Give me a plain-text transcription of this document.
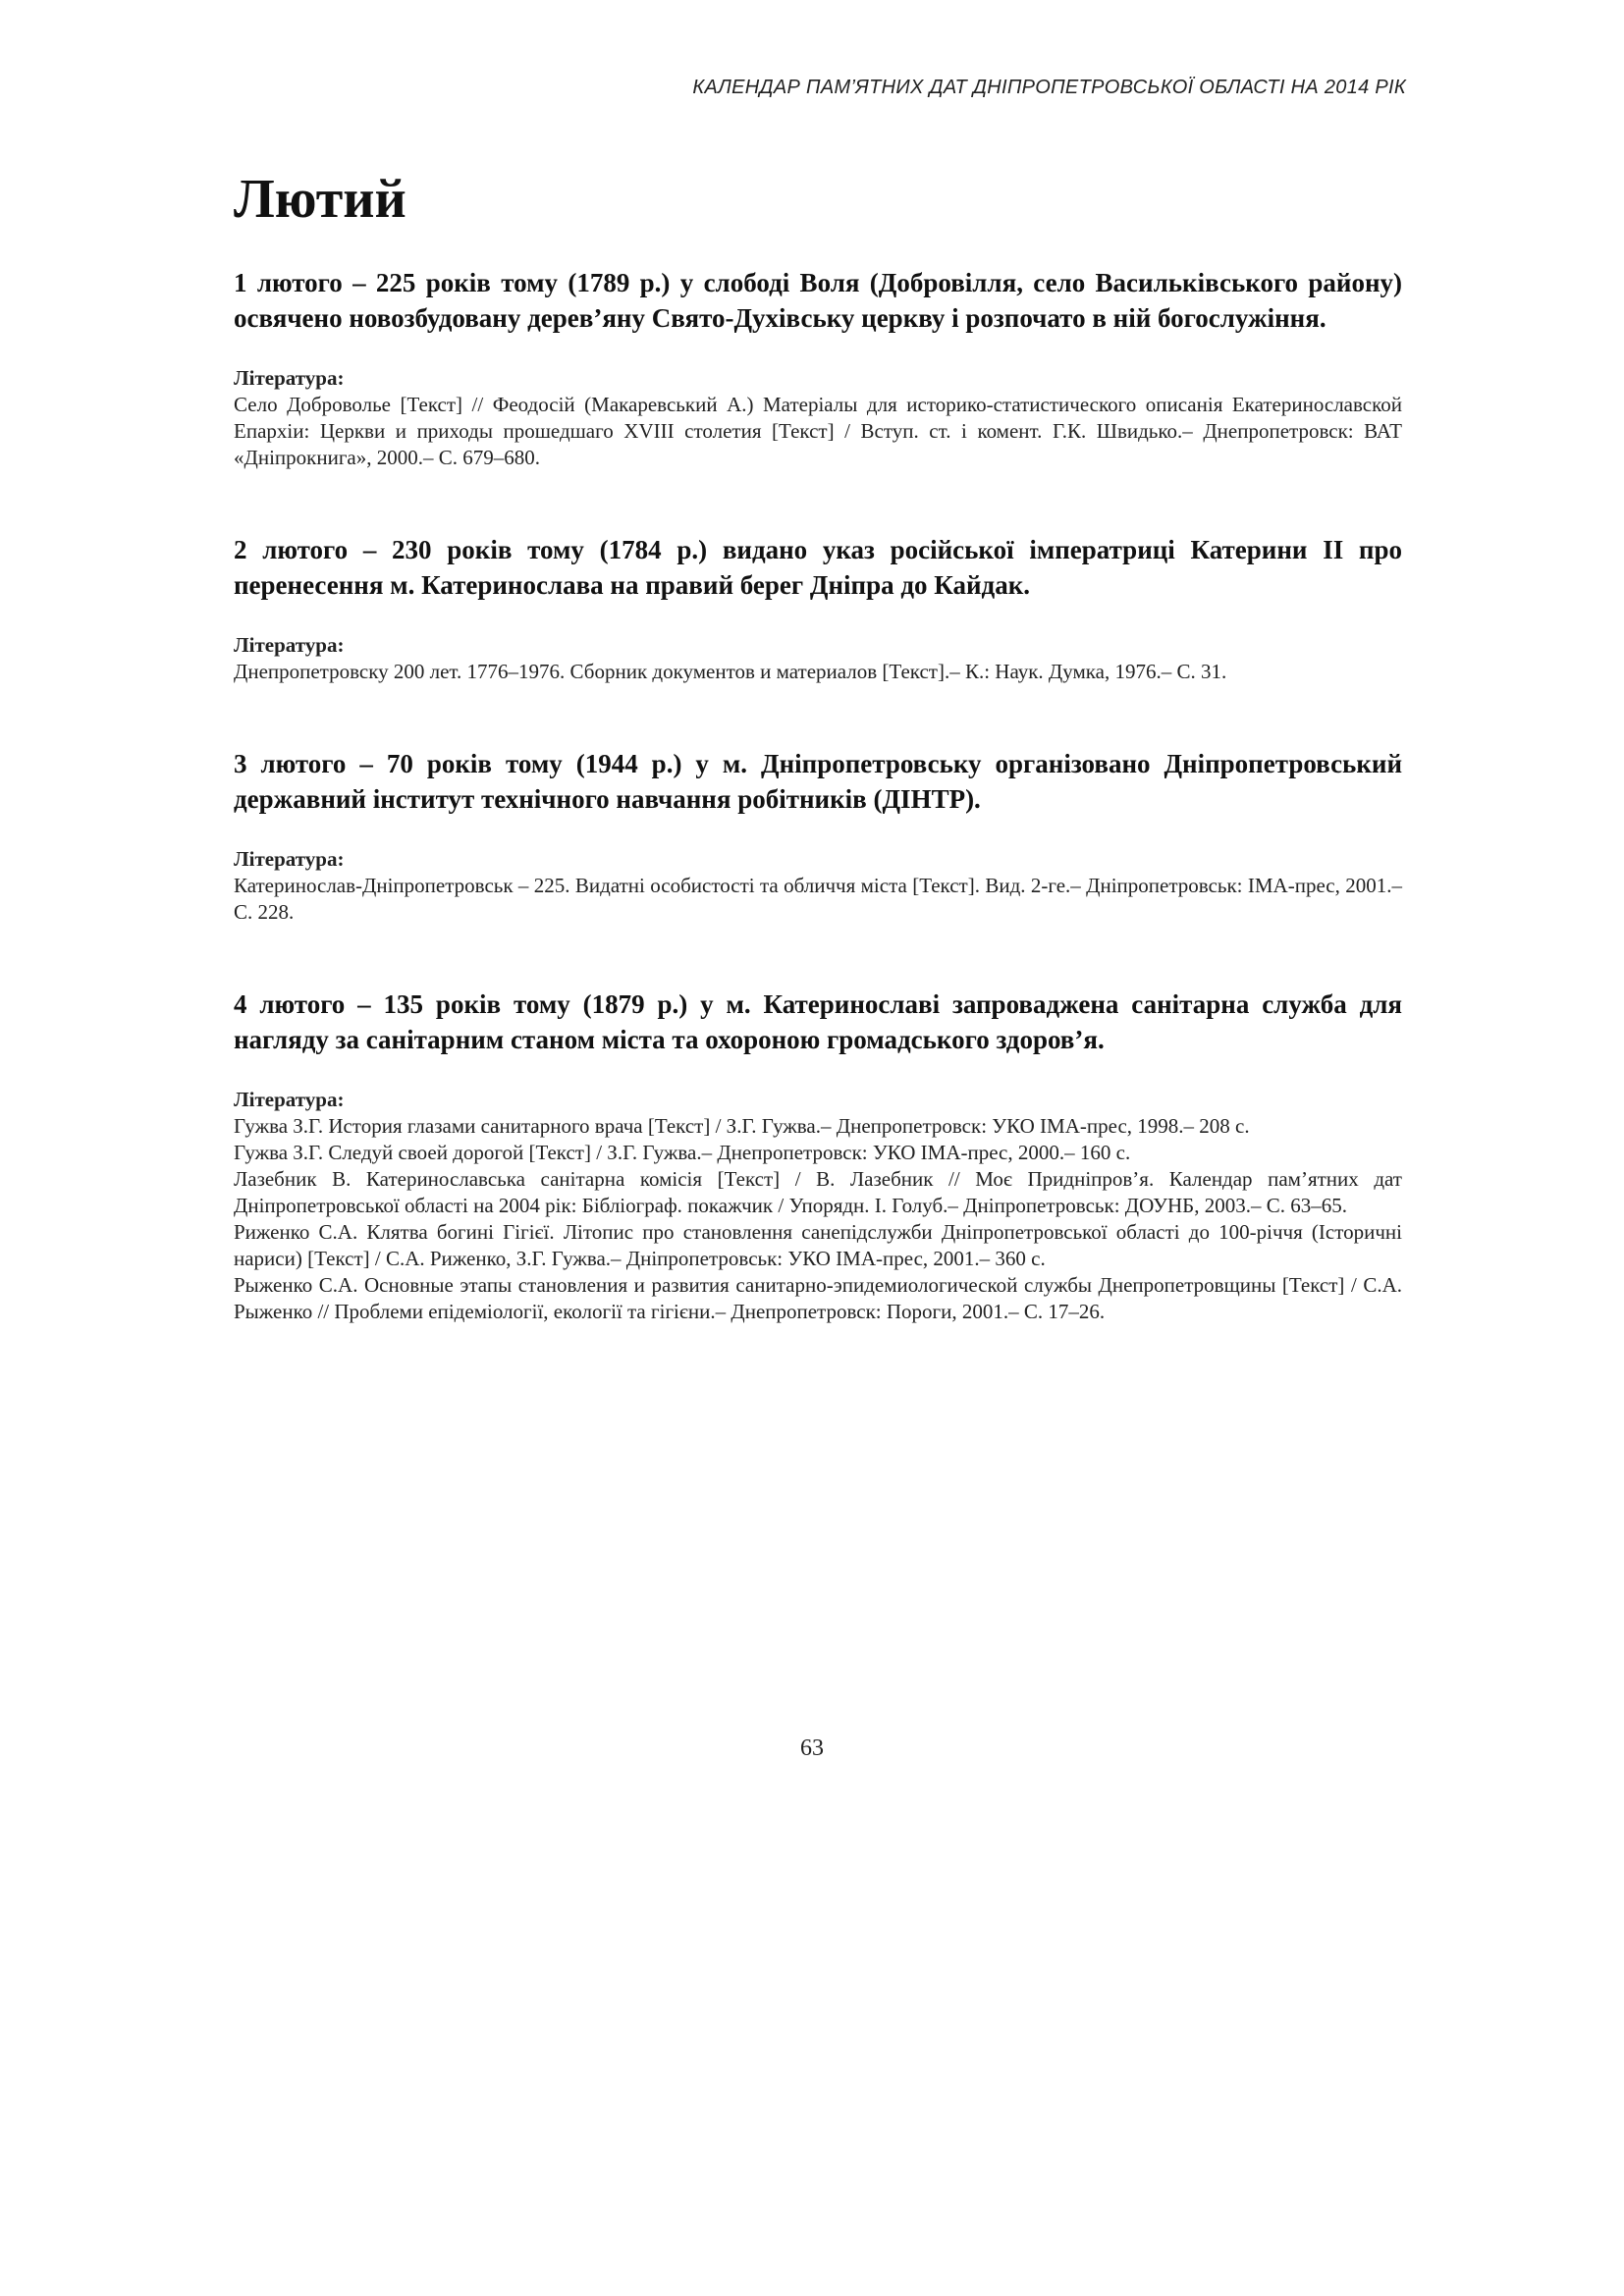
КАЛЕНДАР ПАМ’ЯТНИХ ДАТ ДНІПРОПЕТРОВСЬКОЇ ОБЛАСТІ НА 2014 РІК
Лютий

1 лютого – 225 років тому (1789 р.) у слободі Воля (Добровілля, село Васильківського району) освячено новозбудовану дерев’яну Свято-Духівську церкву і розпочато в ній богослужіння.

Література:

Село Доброволье [Текст] // Феодосій (Макаревський А.) Матеріалы для историко-статистического описанія Екатеринославской Епархіи: Церкви и приходы прошедшаго XVIII столетия [Текст] / Вступ. ст. і комент. Г.К. Швидько.– Днепропетровск: ВАТ «Дніпрокнига», 2000.– С. 679–680.

2 лютого – 230 років тому (1784 р.) видано указ російської імператриці Катерини II про перенесення м. Катеринослава на правий берег Дніпра до Кайдак.

Література:

Днепропетровску 200 лет. 1776–1976. Сборник документов и материалов [Текст].– К.: Наук. Думка, 1976.– С. 31.

3 лютого – 70 років тому (1944 р.) у м. Дніпропетровську організовано Дніпропетровський державний інститут технічного навчання робітників (ДІНТР).

Література:

Катеринослав-Дніпропетровськ – 225. Видатні особистості та обличчя міста [Текст]. Вид. 2-ге.– Дніпропетровськ: ІМА-прес, 2001.– С. 228.

4 лютого – 135 років тому (1879 р.) у м. Катеринославі запроваджена санітарна служба для нагляду за санітарним станом міста та охороною громадського здоров’я.

Література:

Гужва З.Г. История глазами санитарного врача [Текст] / З.Г. Гужва.– Днепропетровск: УКО ІМА-прес, 1998.– 208 с.

Гужва З.Г. Следуй своей дорогой [Текст] / З.Г. Гужва.– Днепропетровск: УКО ІМА-прес, 2000.– 160 с.

Лазебник В. Катеринославська санітарна комісія [Текст] / В. Лазебник // Моє Придніпров’я. Календар пам’ятних дат Дніпропетровської області на 2004 рік: Бібліограф. покажчик / Упорядн. І. Голуб.– Дніпропетровськ: ДОУНБ, 2003.– С. 63–65.

Риженко С.А. Клятва богині Гігієї. Літопис про становлення санепідслужби Дніпропетровської області до 100-річчя (Історичні нариси) [Текст] / С.А. Риженко, З.Г. Гужва.– Дніпропетровськ: УКО ІМА-прес, 2001.– 360 с.

Рыженко С.А. Основные этапы становления и развития санитарно-эпидемиологической службы Днепропетровщины [Текст] / С.А. Рыженко // Проблеми епідеміології, екології та гігієни.– Днепропетровск: Пороги, 2001.– С. 17–26.

63
